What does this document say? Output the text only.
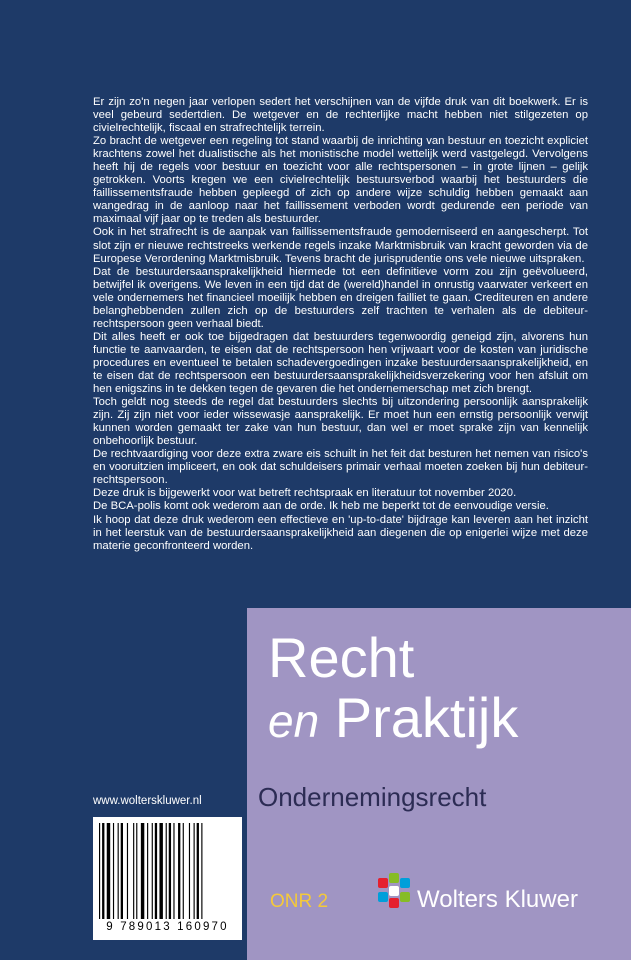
Er zijn zo'n negen jaar verlopen sedert het verschijnen van de vijfde druk van dit boekwerk. Er is veel gebeurd sedertdien. De wetgever en de rechterlijke macht hebben niet stilgezeten op civielrechtelijk, fiscaal en strafrechtelijk terrein.

Zo bracht de wetgever een regeling tot stand waarbij de inrichting van bestuur en toezicht expliciet krachtens zowel het dualistische als het monistische model wettelijk werd vastgelegd. Vervolgens heeft hij de regels voor bestuur en toezicht voor alle rechtspersonen – in grote lijnen – gelijk getrokken. Voorts kregen we een civielrechtelijk bestuursverbod waarbij het bestuurders die faillissementsfraude hebben gepleegd of zich op andere wijze schuldig hebben gemaakt aan wangedrag in de aanloop naar het faillissement verboden wordt gedurende een periode van maximaal vijf jaar op te treden als bestuurder.

Ook in het strafrecht is de aanpak van faillissementsfraude gemoderniseerd en aangescherpt. Tot slot zijn er nieuwe rechtstreeks werkende regels inzake Marktmisbruik van kracht geworden via de Europese Verordening Marktmisbruik. Tevens bracht de jurisprudentie ons vele nieuwe uitspraken.

Dat de bestuurdersaansprakelijkheid hiermede tot een definitieve vorm zou zijn geëvolueerd, betwijfel ik overigens. We leven in een tijd dat de (wereld)handel in onrustig vaarwater verkeert en vele ondernemers het financieel moeilijk hebben en dreigen failliet te gaan. Crediteuren en andere belanghebbenden zullen zich op de bestuurders zelf trachten te verhalen als de debiteur-rechtspersoon geen verhaal biedt.

Dit alles heeft er ook toe bijgedragen dat bestuurders tegenwoordig geneigd zijn, alvorens hun functie te aanvaarden, te eisen dat de rechtspersoon hen vrijwaart voor de kosten van juridische procedures en eventueel te betalen schadevergoedingen inzake bestuurdersaansprakelijkheid, en te eisen dat de rechtspersoon een bestuurdersaansprakelijkheidsverzekering voor hen afsluit om hen enigszins in te dekken tegen de gevaren die het ondernemerschap met zich brengt.

Toch geldt nog steeds de regel dat bestuurders slechts bij uitzondering persoonlijk aansprakelijk zijn. Zij zijn niet voor ieder wissewasje aansprakelijk. Er moet hun een ernstig persoonlijk verwijt kunnen worden gemaakt ter zake van hun bestuur, dan wel er moet sprake zijn van kennelijk onbehoorlijk bestuur.

De rechtvaardiging voor deze extra zware eis schuilt in het feit dat besturen het nemen van risico's en vooruitzien impliceert, en ook dat schuldeisers primair verhaal moeten zoeken bij hun debiteur-rechtspersoon.

Deze druk is bijgewerkt voor wat betreft rechtspraak en literatuur tot november 2020.

De BCA-polis komt ook wederom aan de orde. Ik heb me beperkt tot de eenvoudige versie.

Ik hoop dat deze druk wederom een effectieve en 'up-to-date' bijdrage kan leveren aan het inzicht in het leerstuk van de bestuurdersaansprakelijkheid aan diegenen die op enigerlei wijze met deze materie geconfronteerd worden.

Recht
en Praktijk
Ondernemingsrecht
www.wolterskluwer.nl
9 789013 160970
ONR 2	Wolters Kluwer
